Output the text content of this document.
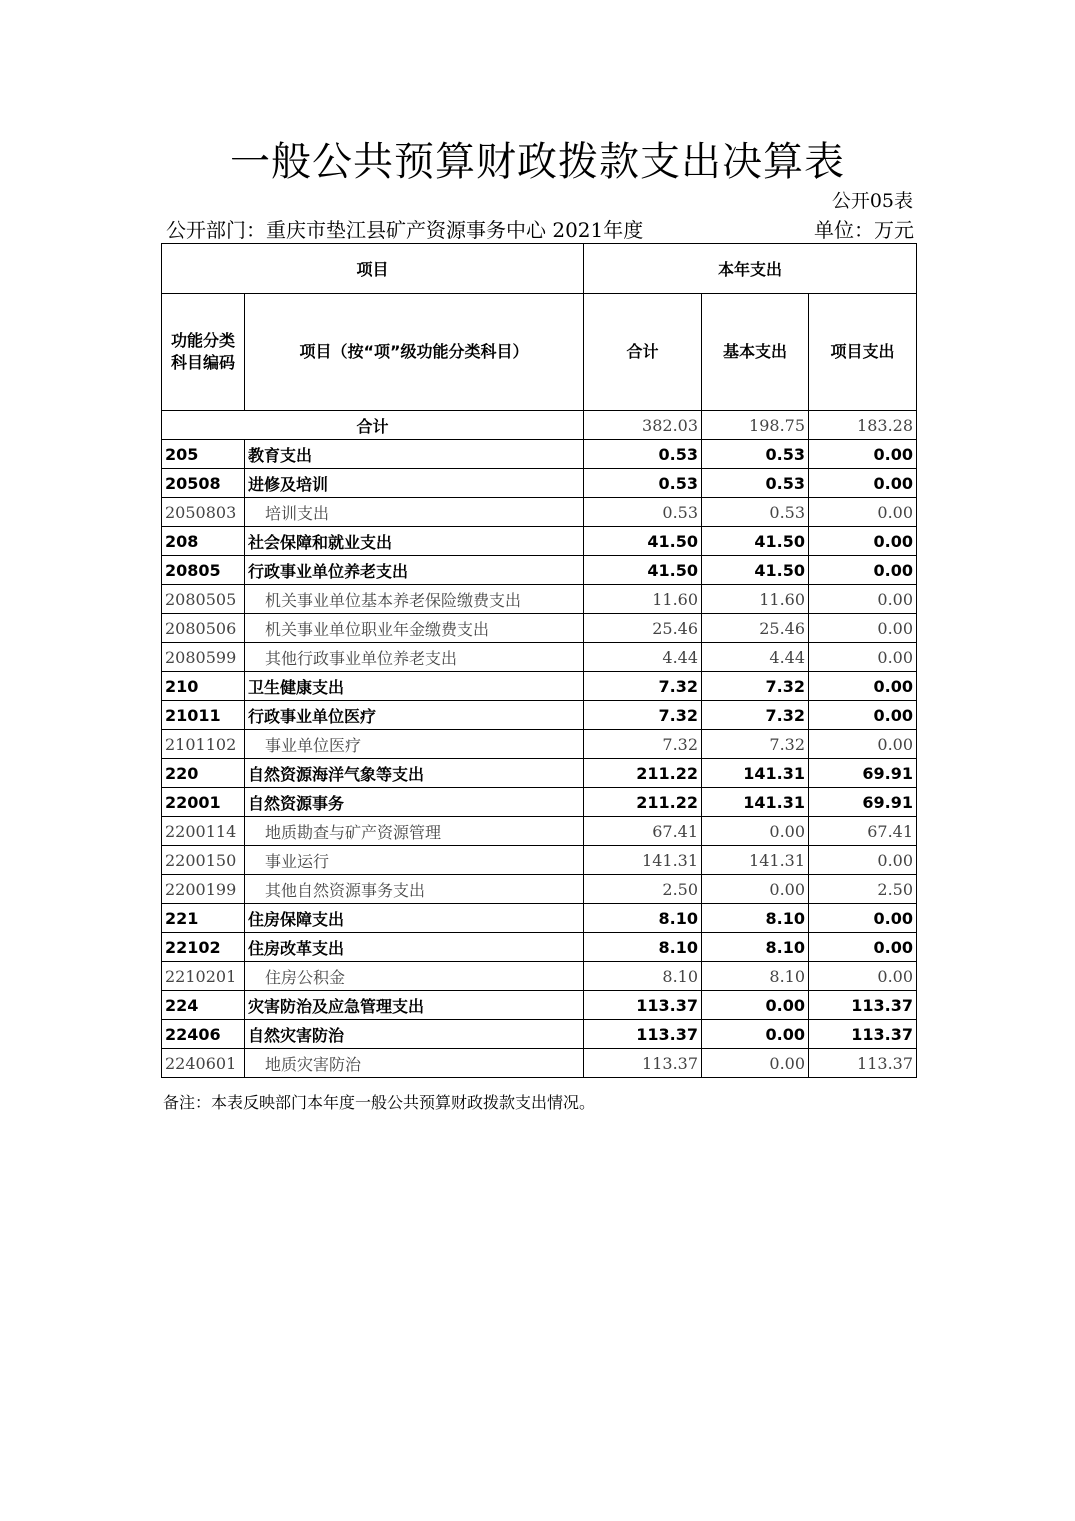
一般公共预算财政拨款支出决算表
公开05表
公开部门：重庆市垫江县矿产资源事务中心 2021年度	单位：万元
项目		本年支出		
功能分类科目编码	项目（按“项”级功能分类科目）	合计	基本支出	项目支出
合计		382.03	198.75	183.28
205	教育支出	0.53	0.53	0.00
20508	进修及培训	0.53	0.53	0.00
2050803	培训支出	0.53	0.53	0.00
208	社会保障和就业支出	41.50	41.50	0.00
20805	行政事业单位养老支出	41.50	41.50	0.00
2080505	机关事业单位基本养老保险缴费支出	11.60	11.60	0.00
2080506	机关事业单位职业年金缴费支出	25.46	25.46	0.00
2080599	其他行政事业单位养老支出	4.44	4.44	0.00
210	卫生健康支出	7.32	7.32	0.00
21011	行政事业单位医疗	7.32	7.32	0.00
2101102	事业单位医疗	7.32	7.32	0.00
220	自然资源海洋气象等支出	211.22	141.31	69.91
22001	自然资源事务	211.22	141.31	69.91
2200114	地质勘查与矿产资源管理	67.41	0.00	67.41
2200150	事业运行	141.31	141.31	0.00
2200199	其他自然资源事务支出	2.50	0.00	2.50
221	住房保障支出	8.10	8.10	0.00
22102	住房改革支出	8.10	8.10	0.00
2210201	住房公积金	8.10	8.10	0.00
224	灾害防治及应急管理支出	113.37	0.00	113.37
22406	自然灾害防治	113.37	0.00	113.37
2240601	地质灾害防治	113.37	0.00	113.37
备注：本表反映部门本年度一般公共预算财政拨款支出情况。
